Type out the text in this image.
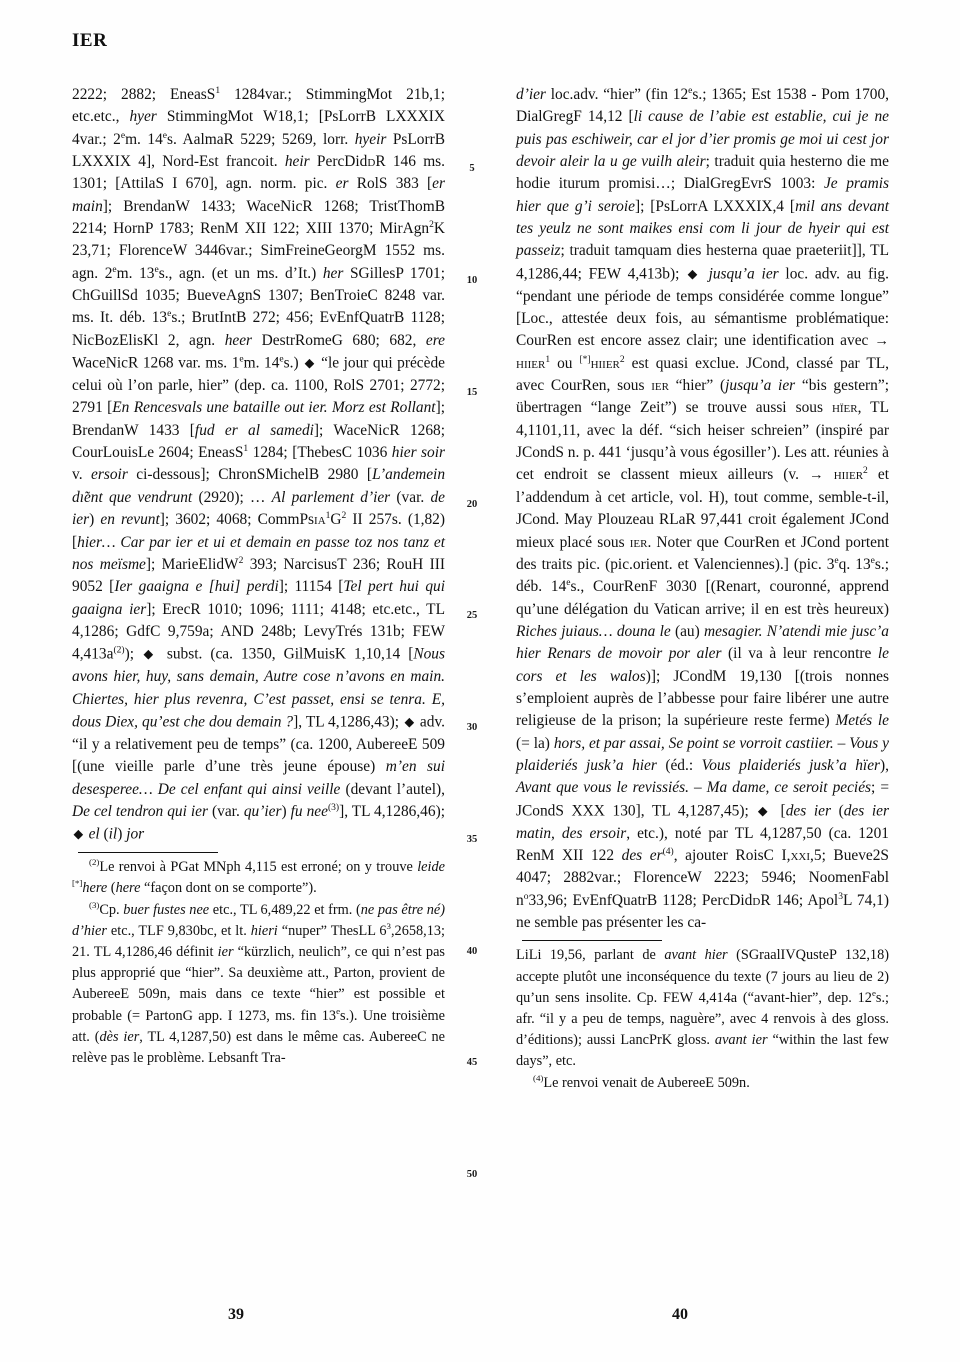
IER
2222; 2882; EneasS$^1$ 1284var.; StimmingMot 21b,1; etc.etc., hyer StimmingMot W18,1; [PsLorrB LXXXIX 4var.; 2em. 14es. AalmaR 5229; 5269, lorr. hyeir PsLorrB LXXXIX 4], Nord-Est francoit. heir PercDiddR 146 ms. 1301; [AttilaS I 670], agn. norm. pic. er RolS 383 [er main]; BrendanW 1433; WaceNicR 1268; TristThomB 2214; HornP 1783; RenM XII 122; XIII 1370; MirAgn$^2$K 23,71; FlorenceW 3446var.; SimFreineGeorgM 1552 ms. agn. 2em. 13es., agn. (et un ms. d’It.) her SGillesP 1701; ChGuillSd 1035; BueveAgnS 1307; BenTroieC 8248 var. ms. It. déb. 13es.; BrutIntB 272; 456; EvEnfQuatrB 1128; NicBozElisKl 2, agn. heer DestrRomeG 680; 682, ere WaceNicR 1268 var. ms. 1em. 14es.) ◆ “le jour qui précède celui où l’on parle, hier” (dep. ca. 1100, RolS 2701; 2772; 2791 [En Rencesvals une bataille out ier. Morz est Rollant]; BrendanW 1433 [fud er al samedi]; WaceNicR 1268; CourLouisLe 2604; EneasS$^1$ 1284; [ThebesC 1036 hier soir v. ersoir ci-dessous]; ChronSMichelB 2980 [L’andemein dı̃ent que vendrunt (2920); … Al parlement d’ier (var. de ier) en revunt]; 3602; 4068; $CommPsia^1G^2$ II 257s. (1,82) [hier… Car par ier et ui et demain en passe toz nos tanz et nos meïsme]; MarieElidW$^2$ 393; NarcisusT 236; RouH III 9052 [Ier gaaigna e [hui] perdi]; 11154 [Tel pert hui qui gaaigna ier]; ErecR 1010; 1096; 1111; 4148; etc.etc., TL 4,1286; GdfC 9,759a; AND 248b; LevyTrés 131b; FEW $4,413a^{(2)}$); ◆ subst. (ca. 1350, GilMuisK 1,10,14 [Nous avons hier, huy, sans demain, Autre cose n’avons en main. Chiertes, hier plus revenra, C’est passet, ensi se tenra. E, dous Diex, qu’est che dou demain ?], TL 4,1286,43); ◆ adv. “il y a relativement peu de temps” (ca. 1200, AubereeE 509 [(une vieille parle d’une très jeune épouse) m’en sui desesperee… De cel enfant qui ainsi veille (devant l’autel), De cel tendron qui ier (var. qu’ier) fu nee$^{(3)}$], TL 4,1286,46); ◆ el (il) jor

$^{(2)}$Le renvoi à PGat MNph 4,115 est erroné; on y trouve leide [*]here (here “façon dont on se comporte”).

$^{(3)}$Cp. buer fustes nee etc., TL 6,489,22 et frm. (ne pas être né) d’hier etc., TLF 9,830bc, et lt. hieri “nuper” ThesLL $6^3,2658,13$; 21. TL 4,1286,46 définit ier “kürzlich, neulich”, ce qui n’est pas plus approprié que “hier”. Sa deuxième att., Parton, provient de AubereeE 509n, mais dans ce texte “hier” est possible et probable (= PartonG app. I 1273, ms. fin 13es.). Une troisième att. (dès ier, TL 4,1287,50) est dans le même cas. AubereeC ne relève pas le problème. Lebsanft Tra-

d’ier loc.adv. “hier” (fin 12es.; 1365; Est 1538 - Pom 1700, DialGregF 14,12 [li cause de l’abie est establie, cui je ne puis pas eschiweir, car el jor d’ier promis ge moi ui cest jor devoir aleir la u ge vuilh aleir; traduit quia hesterno die me hodie iturum promisi…; DialGregEvrS 1003: Je pramis hier que g’i seroie]; [PsLorrA LXXXIX,4 [mil ans devant tes yeulz ne sont maikes ensi com li jour de hyeir qui est passeiz; traduit tamquam dies hesterna quae praeteriit]], TL 4,1286,44; FEW 4,413b); ◆ jusqu’a ier loc. adv. au fig. “pendant une période de temps considérée comme longue” [Loc., attestée deux fois, au sémantisme problématique: CourRen est encore assez clair; une identification avec → hiier$^1$ ou [*]hiier$^2$ est quasi exclue. JCond, classé par TL, avec CourRen, sous ier “hier” (jusqu’a ier “bis gestern”; übertragen “lange Zeit”) se trouve aussi sous hïer, TL 4,1101,11, avec la déf. “sich heiser schreien” (inspiré par JCondS n. p. 441 ‘jusqu’à vous égosiller’). Les att. réunies à cet endroit se classent mieux ailleurs (v. → hiier$^2$ et l’addendum à cet article, vol. H), tout comme, semble-t-il, JCond. May Plouzeau RLaR 97,441 croit également JCond mieux placé sous ier. Noter que CourRen et JCond portent des traits pic. (pic.orient. et Valenciennes).] (pic. 3eq. 13es.; déb. 14es., CourRenF 3030 [(Renart, couronné, apprend qu’une délégation du Vatican arrive; il en est très heureux) Riches juiaus… douna le (au) mesagier. N’atendi mie jusc’a hier Renars de movoir por aler (il va à leur rencontre le cors et les walos)]; JCondM 19,130 [(trois nonnes s’emploient auprès de l’abbesse pour faire libérer une autre religieuse de la prison; la supérieure reste ferme) Metés le (= la) hors, et par assai, Se point se vorroit castiier. – Vous y plaideriés jusk’a hier (éd.: Vous plaideriés jusk’a hïer), Avant que vous le revissiés. – Ma dame, ce seroit peciés; = JCondS XXX 130], TL 4,1287,45); ◆ [des ier (des ier matin, des ersoir, etc.), noté par TL 4,1287,50 (ca. 1201 RenM XII 122 des $er^{(4)}$, ajouter RoisC I,xxi,5; Bueve2S 4047; 2882var.; FlorenceW 2223; 5946; NoomenFabl $n^o33,96$; EvEnfQuatrB 1128; PercDiddR 146; Apol$^3$L 74,1) ne semble pas présenter les ca-

LiLi 19,56, parlant de avant hier (SGraalIVQusteP 132,18) accepte plutôt une inconséquence du texte (7 jours au lieu de 2) qu’un sens insolite. Cp. FEW 4,414a (“avant-hier”, dep. 12es.; afr. “il y a peu de temps, naguère”, avec 4 renvois à des gloss. d’éditions); aussi LancPrK gloss. avant ier “within the last few days”, etc.

$^{(4)}$Le renvoi venait de AubereeE 509n.

5
10
15
20
25
30
35
40
45
50
39	40
